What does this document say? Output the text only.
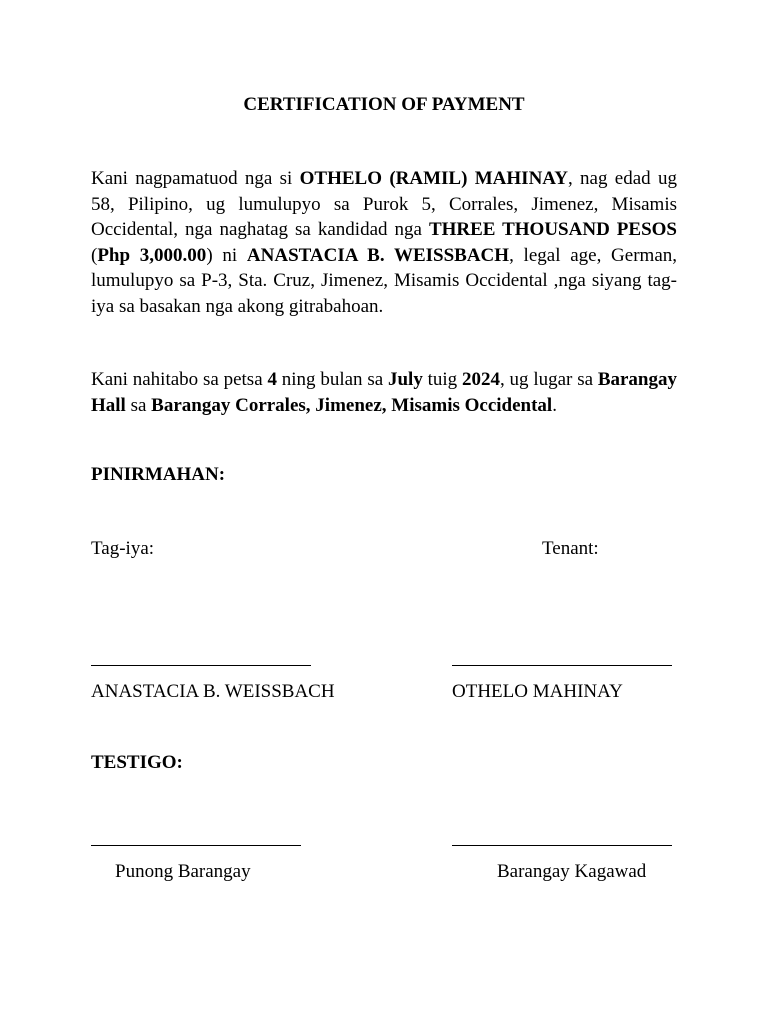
CERTIFICATION OF PAYMENT
Kani nagpamatuod nga si OTHELO (RAMIL) MAHINAY, nag edad ug 58, Pilipino, ug lumulupyo sa Purok 5, Corrales, Jimenez, Misamis Occidental, nga naghatag sa kandidad nga THREE THOUSAND PESOS (Php 3,000.00) ni ANASTACIA B. WEISSBACH, legal age, German, lumulupyo sa P-3, Sta. Cruz, Jimenez, Misamis Occidental ,nga siyang tag-iya sa basakan nga akong gitrabahoan.
Kani nahitabo sa petsa 4 ning bulan sa July tuig 2024, ug lugar sa Barangay Hall sa Barangay Corrales, Jimenez, Misamis Occidental.
PINIRMAHAN:
Tag-iya:	Tenant:
ANASTACIA B. WEISSBACH	OTHELO MAHINAY
TESTIGO:
Punong Barangay	Barangay Kagawad
